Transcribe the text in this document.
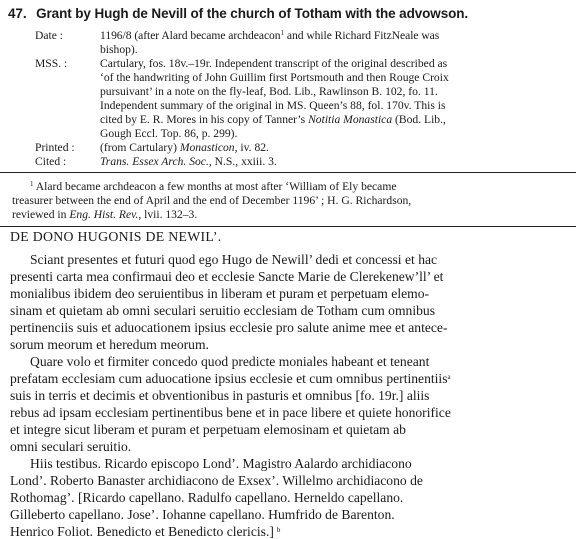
47. Grant by Hugh de Nevill of the church of Totham with the advowson.
Date :	1196/8 (after Alard became archdeacon$^1$ and while Richard FitzNeale was
bishop).
MSS. :	Cartulary, fos. 18v.–19r. Independent transcript of the original described as
‘of the handwriting of John Guillim first Portsmouth and then Rouge Croix
pursuivant’ in a note on the fly-leaf, Bod. Lib., Rawlinson B. 102, fo. 11.
Independent summary of the original in MS. Queen’s 88, fol. 170v. This is
cited by E. R. Mores in his copy of Tanner’s Notitia Monastica (Bod. Lib.,
Gough Eccl. Top. 86, p. 299).
Printed : (from Cartulary) Monasticon, iv. 82.
Cited :	Trans. Essex Arch. Soc., N.S., xxiii. 3.
$^1$ Alard became archdeacon a few months at most after ‘William of Ely became
treasurer between the end of April and the end of December 1196’ ; H. G. Richardson,
reviewed in Eng. Hist. Rev., lvii. 132–3.
DE DONO HUGONIS DE NEWIL’.
Sciant presentes et futuri quod ego Hugo de Newill’ dedi et concessi et hac
presenti carta mea confirmaui deo et ecclesie Sancte Marie de Clerekenew’ll’ et
monialibus ibidem deo seruientibus in liberam et puram et perpetuam elemo-
sinam et quietam ab omni seculari seruitio ecclesiam de Totham cum omnibus
pertinenciis suis et aduocationem ipsius ecclesie pro salute anime mee et antece-
sorum meorum et heredum meorum.
Quare volo et firmiter concedo quod predicte moniales habeant et teneant
prefatam ecclesiam cum aduocatione ipsius ecclesie et cum omnibus pertinentiis$^a$
suis in terris et decimis et obventionibus in pasturis et omnibus [fo. 19r.] aliis
rebus ad ipsam ecclesiam pertinentibus bene et in pace libere et quiete honorifice
et integre sicut liberam et puram et perpetuam elemosinam et quietam ab
omni seculari seruitio.
Hiis testibus. Ricardo episcopo Lond’. Magistro Aalardo archidiacono
Lond’. Roberto Banaster archidiacono de Exsex’. Willelmo archidiacono de
Rothomag’. [Ricardo capellano. Radulfo capellano. Herneldo capellano.
Gilleberto capellano. Jose’. Iohanne capellano. Humfrido de Barenton.
Henrico Foliot. Benedicto et Benedicto clericis.] $^b$
